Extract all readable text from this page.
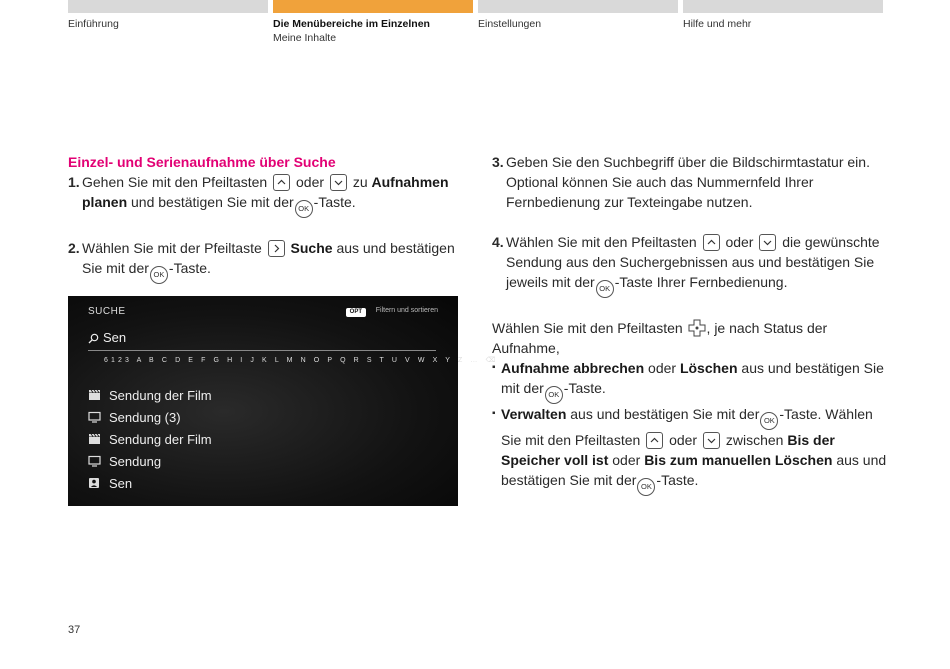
Einführung	Die Menübereiche im Einzelnen
Meine Inhalte
Einstellungen	Hilfe und mehr
Einzel- und Serienaufnahme über Suche
1. Gehen Sie mit den Pfeiltasten oder zu Aufnahmen planen und bestätigen Sie mit der OK -Taste.
2. Wählen Sie mit der Pfeiltaste Suche aus und bestätigen Sie mit der OK -Taste.
SUCHE	OPT	Filtern und sortieren
Sen
6123 A B C D E F G H I J K L M N O P Q R S T U V W X Y Z … ⌫
Sendung der Film
Sendung (3)
Sendung der Film
Sendung
Sen
3. Geben Sie den Suchbegriff über die Bildschirmtastatur ein. Optional können Sie auch das Nummernfeld Ihrer Fernbedienung zur Texteingabe nutzen.
4. Wählen Sie mit den Pfeiltasten oder die gewünschte Sendung aus den Suchergebnissen aus und bestätigen Sie jeweils mit der OK -Taste Ihrer Fernbedienung.
Wählen Sie mit den Pfeiltasten , je nach Status der Aufnahme,
▪ Aufnahme abbrechen oder Löschen aus und bestätigen Sie mit der OK -Taste.
▪ Verwalten aus und bestätigen Sie mit der OK -Taste. Wählen Sie mit den Pfeiltasten oder zwischen Bis der Speicher voll ist oder Bis zum manuellen Löschen aus und bestätigen Sie mit der OK -Taste.
37
